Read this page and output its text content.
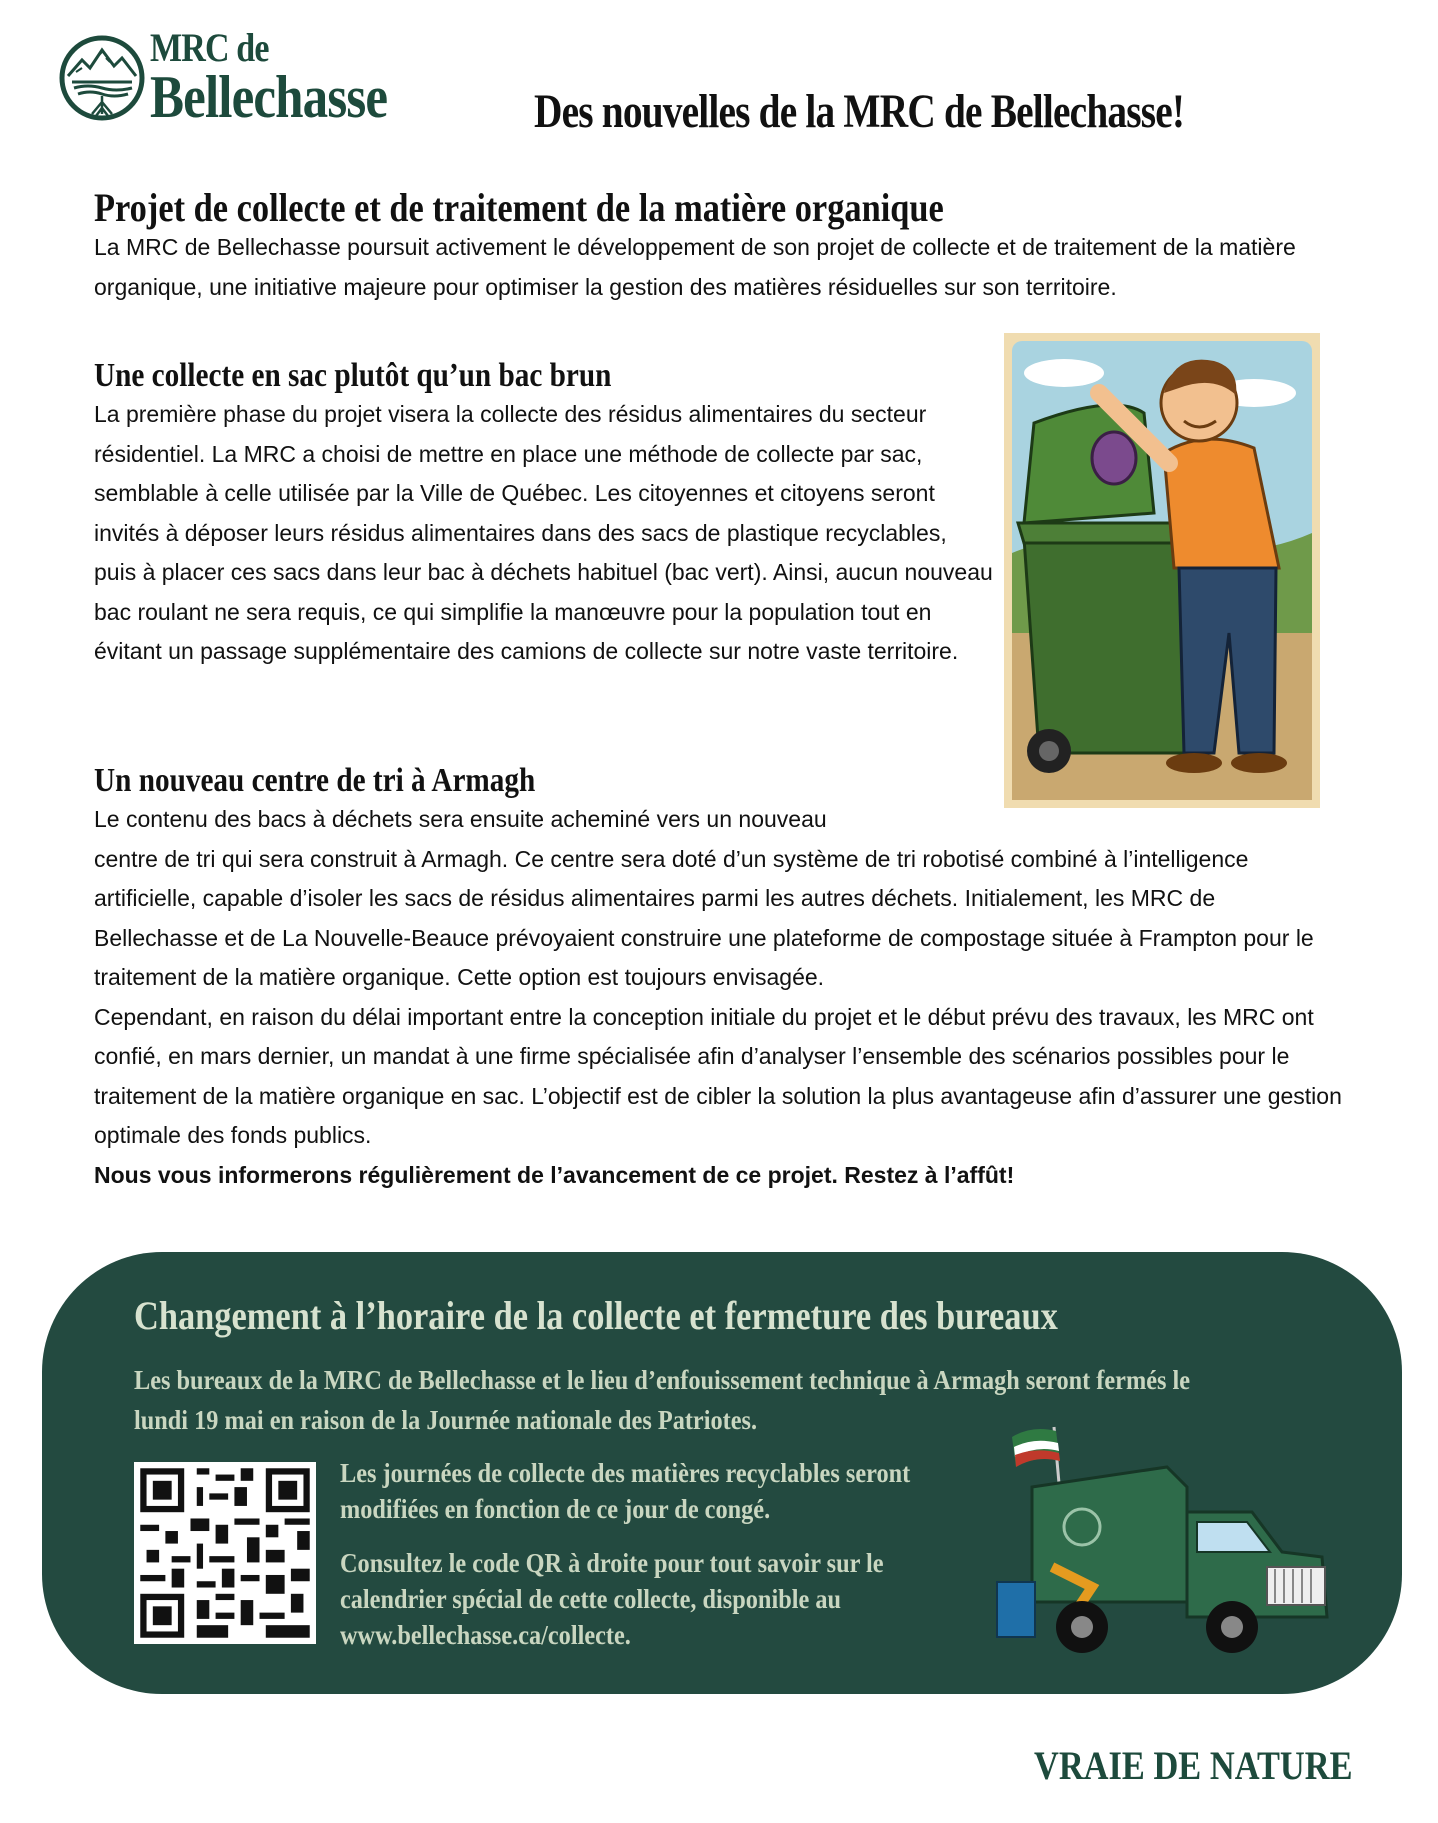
MRC de
Bellechasse	Des nouvelles de la MRC de Bellechasse!
Projet de collecte et de traitement de la matière organique

La MRC de Bellechasse poursuit activement le développement de son projet de collecte et de traitement de la matière organique, une initiative majeure pour optimiser la gestion des matières résiduelles sur son territoire.

Une collecte en sac plutôt qu’un bac brun

La première phase du projet visera la collecte des résidus alimentaires du secteur résidentiel. La MRC a choisi de mettre en place une méthode de collecte par sac, semblable à celle utilisée par la Ville de Québec. Les citoyennes et citoyens seront invités à déposer leurs résidus alimentaires dans des sacs de plastique recyclables, puis à placer ces sacs dans leur bac à déchets habituel (bac vert). Ainsi, aucun nouveau bac roulant ne sera requis, ce qui simplifie la manœuvre pour la population tout en évitant un passage supplémentaire des camions de collecte sur notre vaste territoire.

Un nouveau centre de tri à Armagh
Le contenu des bacs à déchets sera ensuite acheminé vers un nouveau
centre de tri qui sera construit à Armagh. Ce centre sera doté d’un système de tri robotisé combiné à l’intelligence artificielle, capable d’isoler les sacs de résidus alimentaires parmi les autres déchets. Initialement, les MRC de Bellechasse et de La Nouvelle-Beauce prévoyaient construire une plateforme de compostage située à Frampton pour le traitement de la matière organique. Cette option est toujours envisagée.
Cependant, en raison du délai important entre la conception initiale du projet et le début prévu des travaux, les MRC ont confié, en mars dernier, un mandat à une firme spécialisée afin d’analyser l’ensemble des scénarios possibles pour le traitement de la matière organique en sac. L’objectif est de cibler la solution la plus avantageuse afin d’assurer une gestion optimale des fonds publics.
Nous vous informerons régulièrement de l’avancement de ce projet. Restez à l’affût!
Changement à l’horaire de la collecte et fermeture des bureaux

Les bureaux de la MRC de Bellechasse et le lieu d’enfouissement technique à Armagh seront fermés le lundi 19 mai en raison de la Journée nationale des Patriotes.

Les journées de collecte des matières recyclables seront modifiées en fonction de ce jour de congé.

Consultez le code QR à droite pour tout savoir sur le calendrier spécial de cette collecte, disponible au www.bellechasse.ca/collecte.

VRAIE DE NATURE
